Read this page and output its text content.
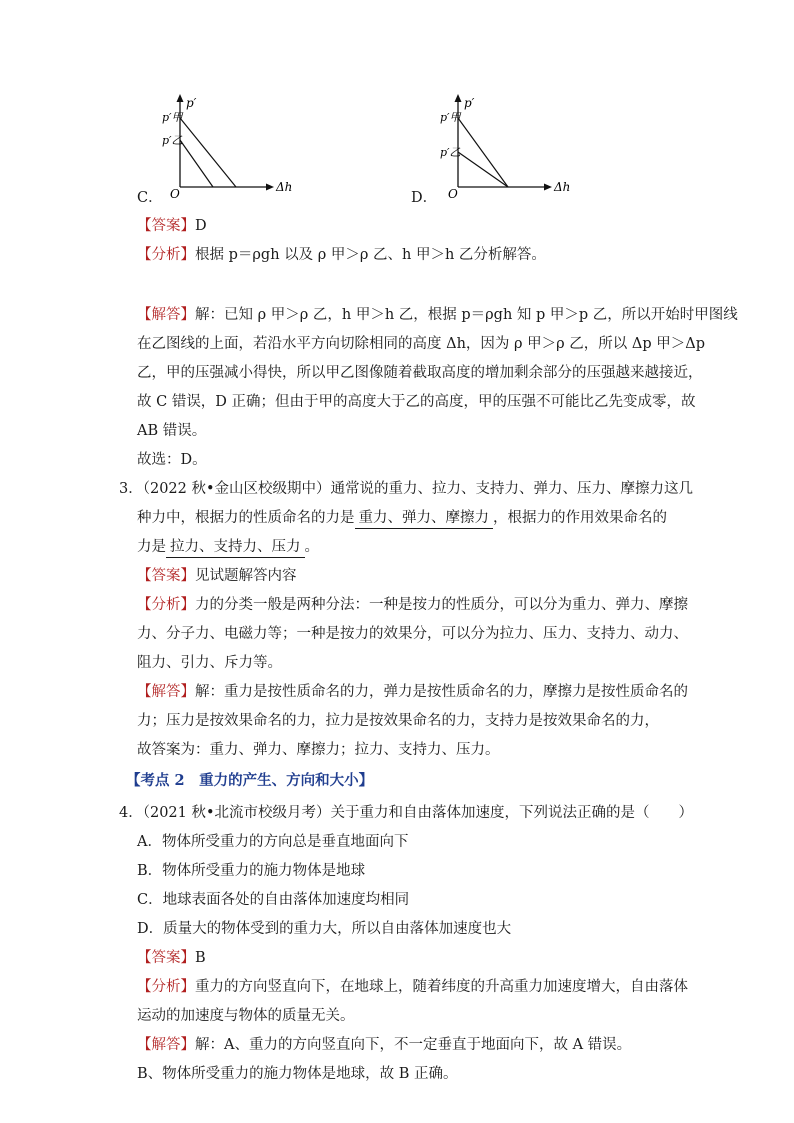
p′
p′甲
p′乙
O	Δh
C．
p′
p′甲
p′乙
O	Δh
D．
【答案】D
【分析】根据 p＝ρgh 以及 ρ 甲＞ρ 乙、h 甲＞h 乙分析解答。
【解答】解：已知 ρ 甲＞ρ 乙，h 甲＞h 乙，根据 p＝ρgh 知 p 甲＞p 乙，所以开始时甲图线
在乙图线的上面，若沿水平方向切除相同的高度 Δh，因为 ρ 甲＞ρ 乙，所以 Δp 甲＞Δp
乙，甲的压强减小得快，所以甲乙图像随着截取高度的增加剩余部分的压强越来越接近，
故 C 错误，D 正确；但由于甲的高度大于乙的高度，甲的压强不可能比乙先变成零，故
AB 错误。
故选：D。
3．（2022 秋•金山区校级期中）通常说的重力、拉力、支持力、弹力、压力、摩擦力这几
种力中，根据力的性质命名的力是 重力、弹力、摩擦力 ，根据力的作用效果命名的
力是 拉力、支持力、压力 。
【答案】见试题解答内容
【分析】力的分类一般是两种分法：一种是按力的性质分，可以分为重力、弹力、摩擦
力、分子力、电磁力等；一种是按力的效果分，可以分为拉力、压力、支持力、动力、
阻力、引力、斥力等。
【解答】解：重力是按性质命名的力，弹力是按性质命名的力，摩擦力是按性质命名的
力；压力是按效果命名的力，拉力是按效果命名的力，支持力是按效果命名的力，
故答案为：重力、弹力、摩擦力；拉力、支持力、压力。
【考点 2　重力的产生、方向和大小】
4．（2021 秋•北流市校级月考）关于重力和自由落体加速度，下列说法正确的是（　　）
A．物体所受重力的方向总是垂直地面向下
B．物体所受重力的施力物体是地球
C．地球表面各处的自由落体加速度均相同
D．质量大的物体受到的重力大，所以自由落体加速度也大
【答案】B
【分析】重力的方向竖直向下，在地球上，随着纬度的升高重力加速度增大，自由落体
运动的加速度与物体的质量无关。
【解答】解：A、重力的方向竖直向下，不一定垂直于地面向下，故 A 错误。
B、物体所受重力的施力物体是地球，故 B 正确。
